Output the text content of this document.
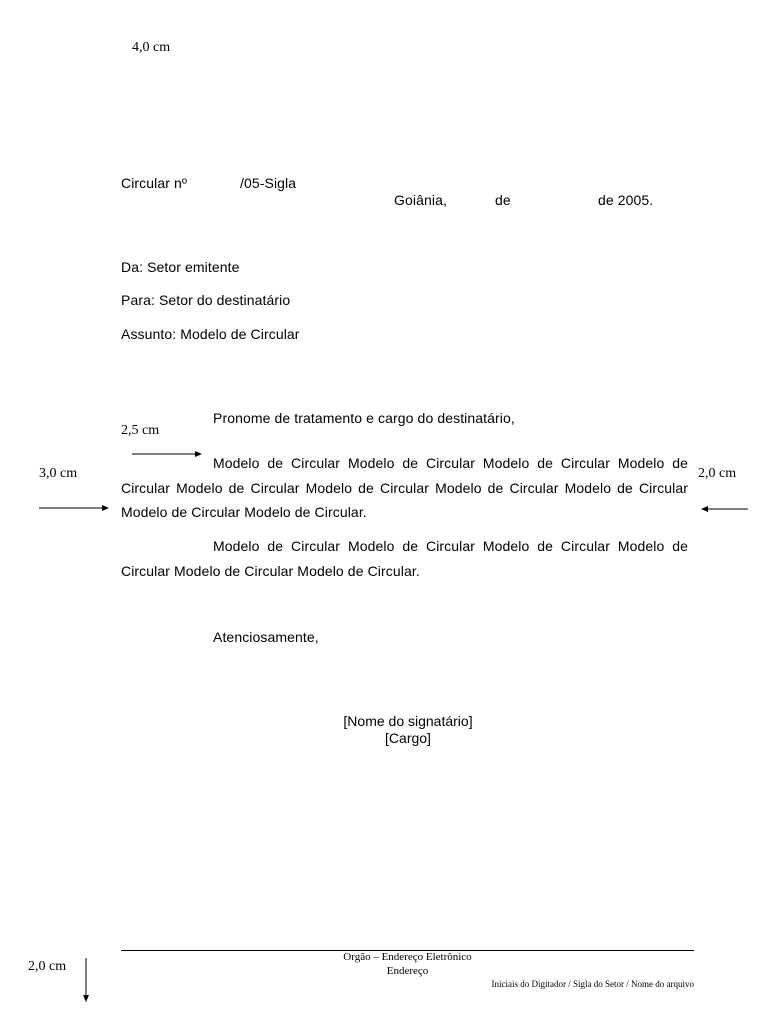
4,0 cm
2,5 cm
3,0 cm	2,0 cm
2,0 cm
Circular nº	/05-Sigla
Goiânia,	de	de 2005.
Da: Setor emitente
Para: Setor do destinatário
Assunto: Modelo de Circular
Pronome de tratamento e cargo do destinatário,
Modelo de Circular Modelo de Circular Modelo de Circular Modelo de Circular Modelo de Circular Modelo de Circular Modelo de Circular Modelo de Circular Modelo de Circular Modelo de Circular.
Modelo de Circular Modelo de Circular Modelo de Circular Modelo de Circular Modelo de Circular Modelo de Circular.
Atenciosamente,
[Nome do signatário]
[Cargo]
Orgão – Endereço Eletrônico
Endereço
Iniciais do Digitador / Sigla do Setor / Nome do arquivo
